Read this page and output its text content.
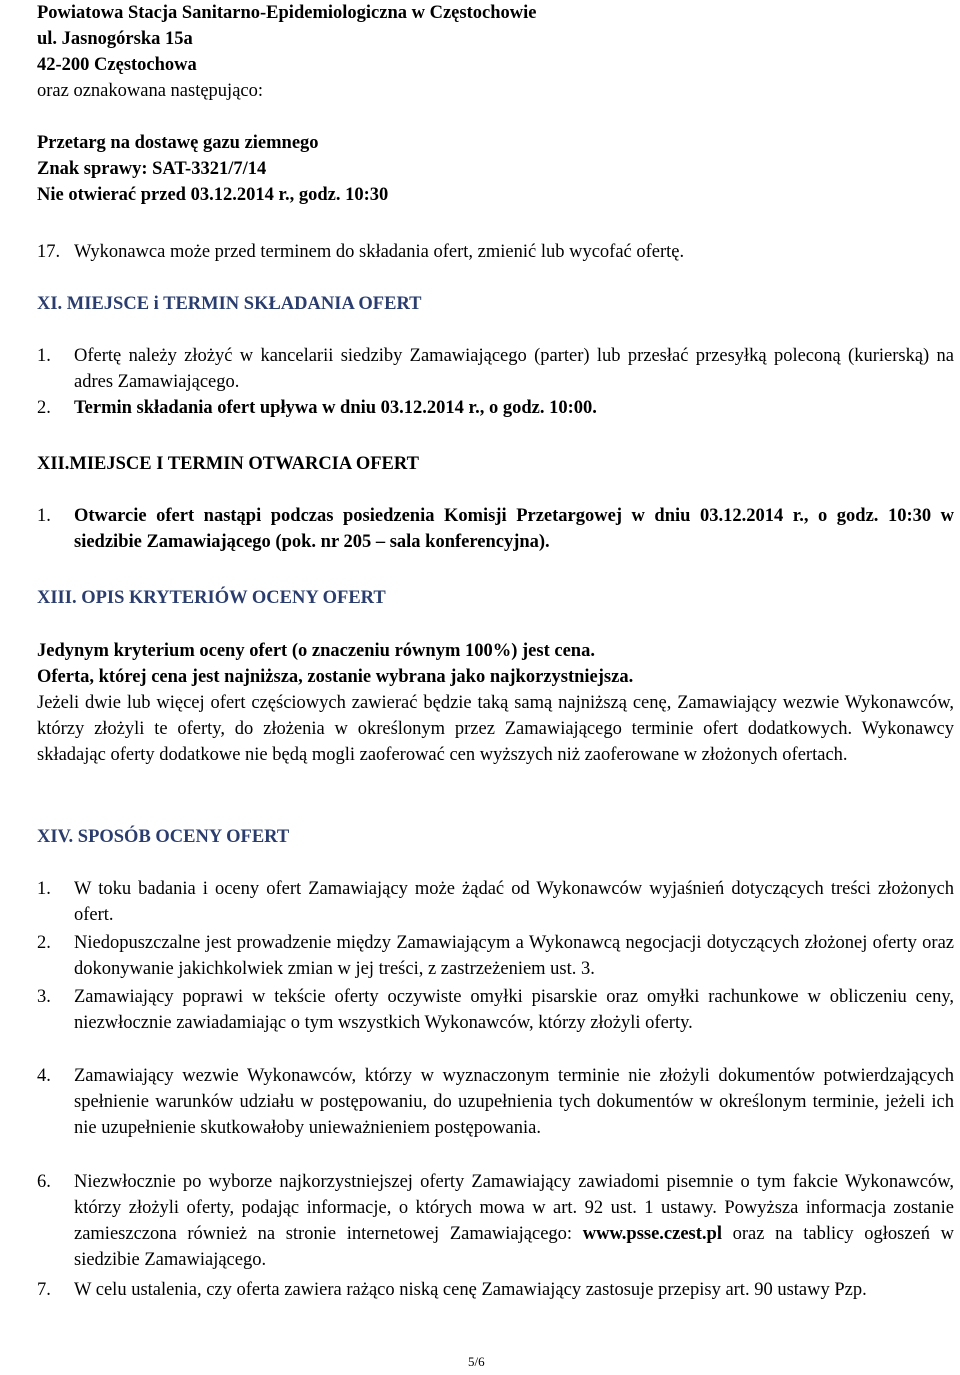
Powiatowa Stacja Sanitarno-Epidemiologiczna w Częstochowie
ul. Jasnogórska 15a
42-200 Częstochowa
oraz oznakowana następująco:
Przetarg na dostawę gazu ziemnego
Znak sprawy: SAT-3321/7/14
Nie otwierać przed 03.12.2014 r., godz. 10:30
17. Wykonawca może przed terminem do składania ofert, zmienić lub wycofać ofertę.
XI. MIEJSCE i TERMIN SKŁADANIA OFERT
1.	Ofertę należy złożyć w kancelarii siedziby Zamawiającego (parter) lub przesłać przesyłką poleconą (kurierską) na adres Zamawiającego.
2.	Termin składania ofert upływa w dniu 03.12.2014 r., o godz. 10:00.
XII.MIEJSCE I TERMIN OTWARCIA OFERT
1.	Otwarcie ofert nastąpi podczas posiedzenia Komisji Przetargowej w dniu 03.12.2014 r., o godz. 10:30 w siedzibie Zamawiającego (pok. nr 205 – sala konferencyjna).
XIII. OPIS KRYTERIÓW OCENY OFERT
Jedynym kryterium oceny ofert (o znaczeniu równym 100%) jest cena.
Oferta, której cena jest najniższa, zostanie wybrana jako najkorzystniejsza.
Jeżeli dwie lub więcej ofert częściowych zawierać będzie taką samą najniższą cenę, Zamawiający wezwie Wykonawców, którzy złożyli te oferty, do złożenia w określonym przez Zamawiającego terminie ofert dodatkowych. Wykonawcy składając oferty dodatkowe nie będą mogli zaoferować cen wyższych niż zaoferowane w złożonych ofertach.
XIV. SPOSÓB OCENY OFERT
1.	W toku badania i oceny ofert Zamawiający może żądać od Wykonawców wyjaśnień dotyczących treści złożonych ofert.
2.	Niedopuszczalne jest prowadzenie między Zamawiającym a Wykonawcą negocjacji dotyczących złożonej oferty oraz dokonywanie jakichkolwiek zmian w jej treści, z zastrzeżeniem ust. 3.
3.	Zamawiający poprawi w tekście oferty oczywiste omyłki pisarskie oraz omyłki rachunkowe w obliczeniu ceny, niezwłocznie zawiadamiając o tym wszystkich Wykonawców, którzy złożyli oferty.
4.	Zamawiający wezwie Wykonawców, którzy w wyznaczonym terminie nie złożyli dokumentów potwierdzających spełnienie warunków udziału w postępowaniu, do uzupełnienia tych dokumentów w określonym terminie, jeżeli ich nie uzupełnienie skutkowałoby unieważnieniem postępowania.
6.	Niezwłocznie po wyborze najkorzystniejszej oferty Zamawiający zawiadomi pisemnie o tym fakcie Wykonawców, którzy złożyli oferty, podając informacje, o których mowa w art. 92 ust. 1 ustawy. Powyższa informacja zostanie zamieszczona również na stronie internetowej Zamawiającego: www.psse.czest.pl oraz na tablicy ogłoszeń w siedzibie Zamawiającego.
7.	W celu ustalenia, czy oferta zawiera rażąco niską cenę Zamawiający zastosuje przepisy art. 90 ustawy Pzp.
5/6
